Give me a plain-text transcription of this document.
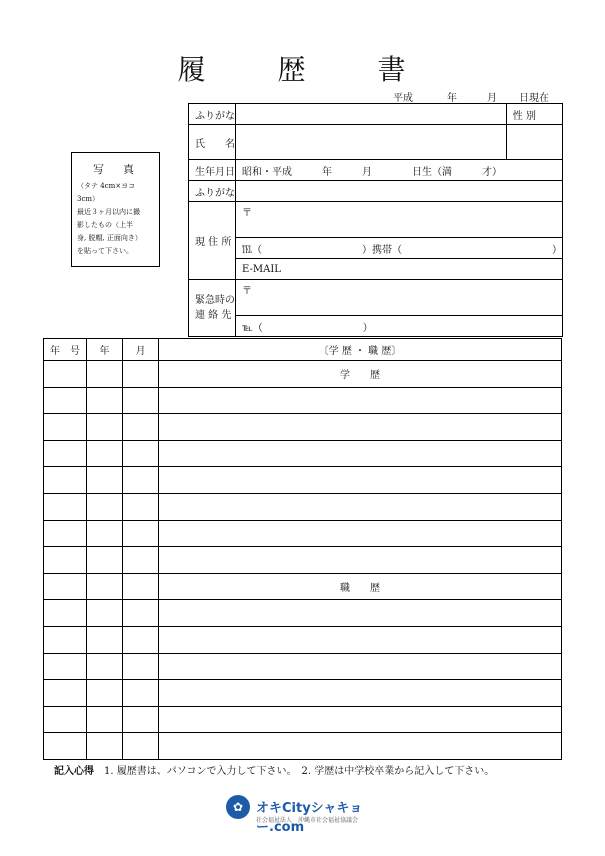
履　歴　書
平成	年	月 日現在
写　真
（タテ 4cm×ヨコ 3cm）
最近３ヶ月以内に撮
影したもの（上半
身, 脱帽, 正面向き）
を貼って下さい。
ふりがな		性 別
氏　　名		
生年月日	昭和・平成　　　年　　　月　　　　日生（満　　　才）	
ふりがな		
現 住 所	〒	
	℡（　　　　　　　　　　）携帯（　　　　　　　　　　　　　　　）	
	E-MAIL	

緊急時の
連 絡 先	〒	
	℡（　　　　　　　　　　）	
年　号	年	月	〔学 歴 ・ 職 歴〕
			学　　歴

			職　　歴

記入心得 1. 履歴書は、パソコンで入力して下さい。　2. 学歴は中学校卒業から記入して下さい。
✿ オキCityシャキョー.com
社会福祉法人　沖縄市社会福祉協議会
